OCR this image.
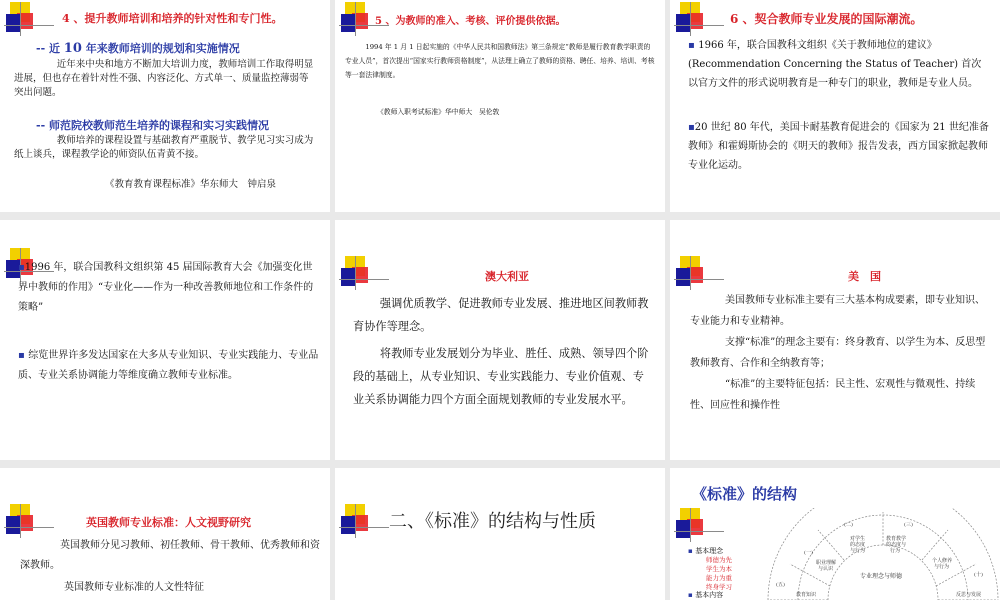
4 、提升教师培训和培养的针对性和专门性。
-- 近 10 年来教师培训的规划和实施情况
近年来中央和地方不断加大培训力度，教师培训工作取得明显进展，但也存在着针对性不强、内容泛化、方式单一、质量监控薄弱等突出问题。
-- 师范院校教师范生培养的课程和实习实践情况
教师培养的课程设置与基础教育严重脱节、教学见习实习成为纸上谈兵，课程教学论的师资队伍青黄不接。
《教育教育课程标准》华东师大　钟启泉
5 、为教师的准入、考核、评价提供依据。
1994 年 1 月 1 日起实施的《中华人民共和国教师法》第三条规定“教师是履行教育教学职责的专业人员”，首次提出“国家实行教师资格制度”，从法理上确立了教师的资格、聘任、培养、培训、考核等一套法律制度。
《教师入职考试标准》华中师大　吴伦敦
6 、契合教师专业发展的国际潮流。
▪ 1966 年，联合国教科文组织《关于教师地位的建议》(Recommendation Concerning the Status of Teacher) 首次以官方文件的形式说明教育是一种专门的职业，教师是专业人员。
▪20 世纪 80 年代，美国卡耐基教育促进会的《国家为 21 世纪准备教师》和霍姆斯协会的《明天的教师》报告发表，西方国家掀起教师专业化运动。
▪1996 年，联合国教科文组织第 45 届国际教育大会《加强变化世界中教师的作用》“专业化——作为一种改善教师地位和工作条件的策略”
▪ 综览世界许多发达国家在大多从专业知识、专业实践能力、专业品质、专业关系协调能力等维度确立教师专业标准。
澳大利亚
强调优质教学、促进教师专业发展、推进地区间教师教育协作等理念。
将教师专业发展划分为毕业、胜任、成熟、领导四个阶段的基础上，从专业知识、专业实践能力、专业价值观、专业关系协调能力四个方面全面规划教师的专业发展水平。
美　国
美国教师专业标准主要有三大基本构成要素，即专业知识、专业能力和专业精神。
支撑“标准”的理念主要有：终身教育、以学生为本、反思型教师教育、合作和全纳教育等；
“标准”的主要特征包括：民主性、宏观性与微观性、持续性、回应性和操作性
英国教师专业标准：人文视野研究
英国教师分见习教师、初任教师、骨干教师、优秀教师和资深教师。
英国教师专业标准的人文性特征
二、《标准》的结构与性质
《标准》的结构
▪ 基本理念
师德为先
学生为本
能力为重
终身学习
▪ 基本内容
(一)
(二)	(三)
(十)
(五)
职业理解
与认识
对学生
的态度
与行为
教育教学
的态度与
行为
个人修养
与行为
专业理念与师德
教育知识	反思与发展
